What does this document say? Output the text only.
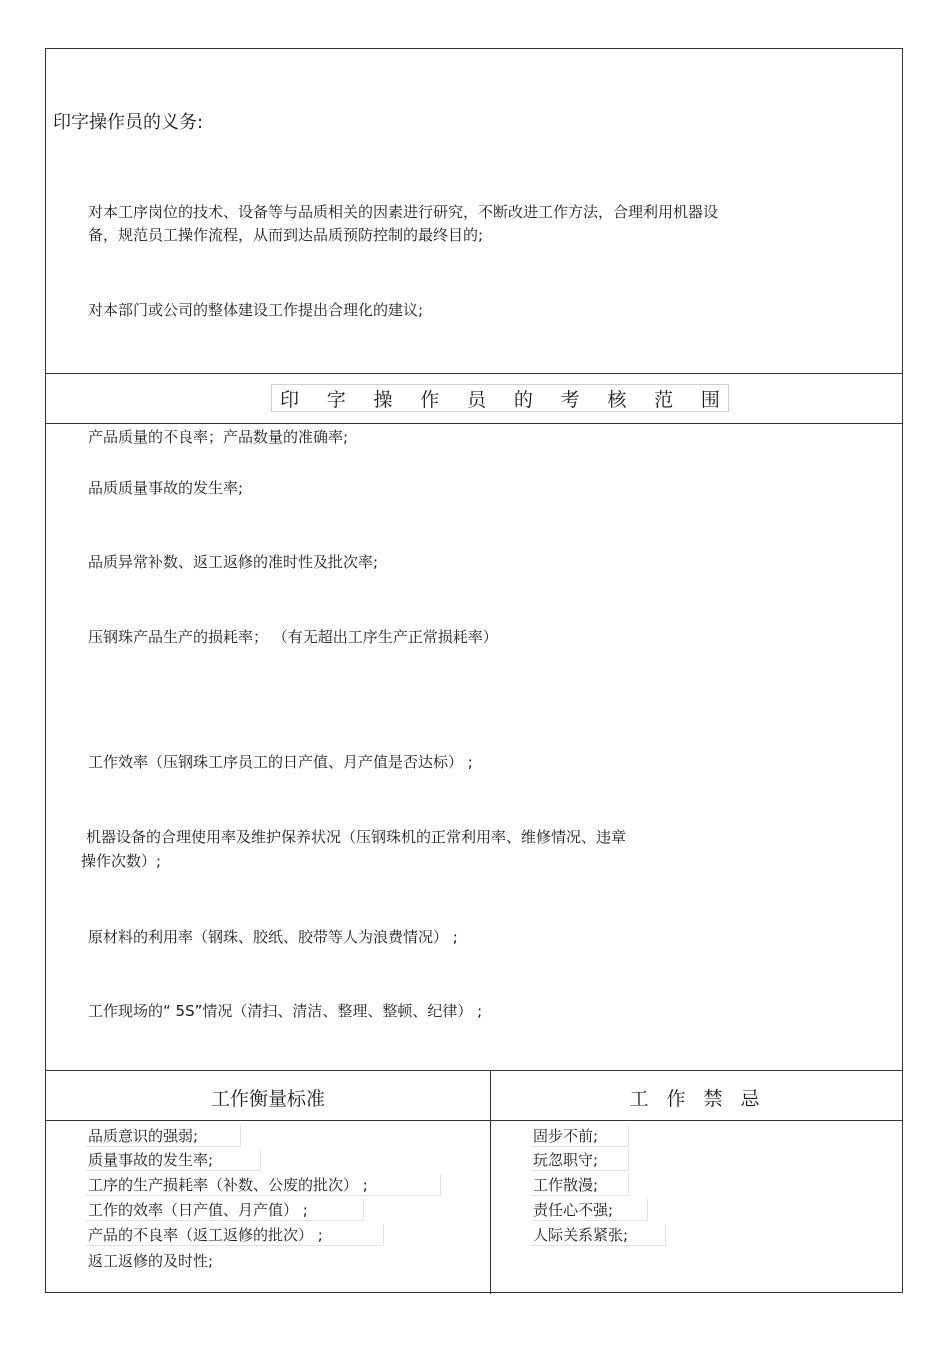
印字操作员的义务:
对本工序岗位的技术、设备等与品质相关的因素进行研究，不断改进工作方法，合理利用机器设
备，规范员工操作流程，从而到达品质预防控制的最终目的;
对本部门或公司的整体建设工作提出合理化的建议;
印 字 操 作 员 的 考 核 范 围
产品质量的不良率；产品数量的准确率;
品质质量事故的发生率;
品质异常补数、返工返修的准时性及批次率;
压钢珠产品生产的损耗率； （有无超出工序生产正常损耗率）
工作效率（压钢珠工序员工的日产值、月产值是否达标） ;
机器设备的合理使用率及维护保养状况（压钢珠机的正常利用率、维修情况、违章
操作次数）;
原材料的利用率（钢珠、胶纸、胶带等人为浪费情况） ;
工作现场的“ 5S”情况（清扫、清洁、整理、整顿、纪律） ;
工作衡量标准	工 作 禁 忌
品质意识的强弱;
质量事故的发生率;
工序的生产损耗率（补数、公废的批次） ;
工作的效率（日产值、月产值） ;
产品的不良率（返工返修的批次） ;
返工返修的及时性;
固步不前;
玩忽职守;
工作散漫;
责任心不强;
人际关系紧张;
